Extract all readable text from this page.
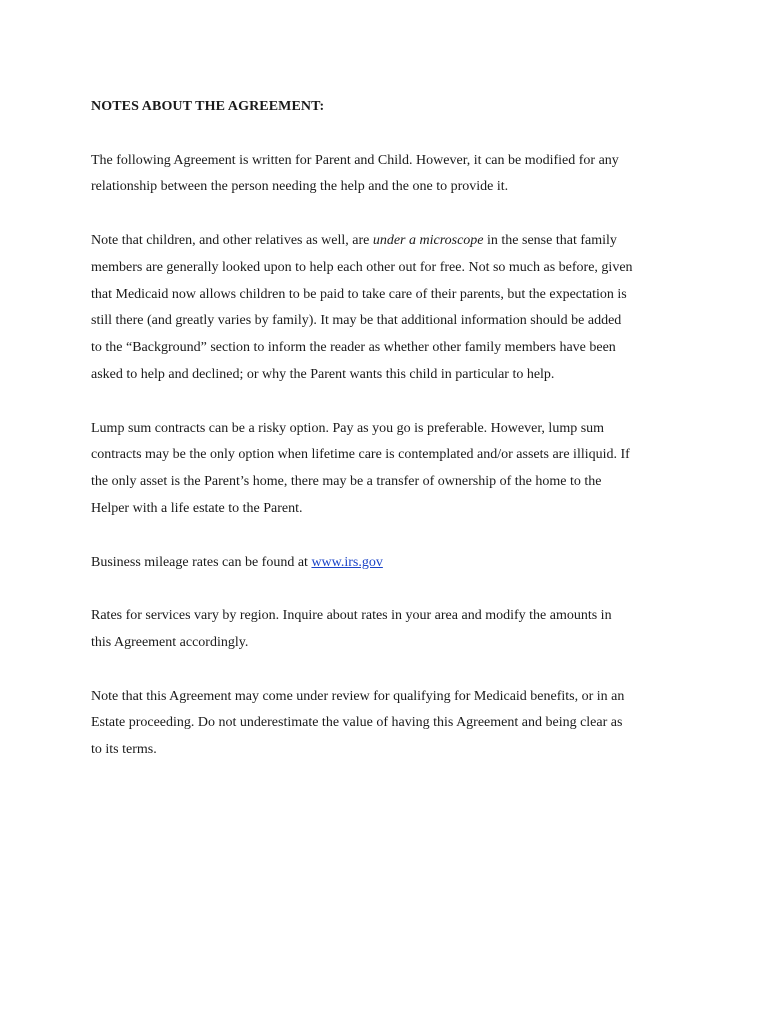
NOTES ABOUT THE AGREEMENT:
The following Agreement is written for Parent and Child. However, it can be modified for any
relationship between the person needing the help and the one to provide it.
Note that children, and other relatives as well, are under a microscope in the sense that family
members are generally looked upon to help each other out for free. Not so much as before, given
that Medicaid now allows children to be paid to take care of their parents, but the expectation is
still there (and greatly varies by family). It may be that additional information should be added
to the “Background” section to inform the reader as whether other family members have been
asked to help and declined; or why the Parent wants this child in particular to help.
Lump sum contracts can be a risky option. Pay as you go is preferable. However, lump sum
contracts may be the only option when lifetime care is contemplated and/or assets are illiquid. If
the only asset is the Parent’s home, there may be a transfer of ownership of the home to the
Helper with a life estate to the Parent.
Business mileage rates can be found at www.irs.gov
Rates for services vary by region. Inquire about rates in your area and modify the amounts in
this Agreement accordingly.
Note that this Agreement may come under review for qualifying for Medicaid benefits, or in an
Estate proceeding. Do not underestimate the value of having this Agreement and being clear as
to its terms.
